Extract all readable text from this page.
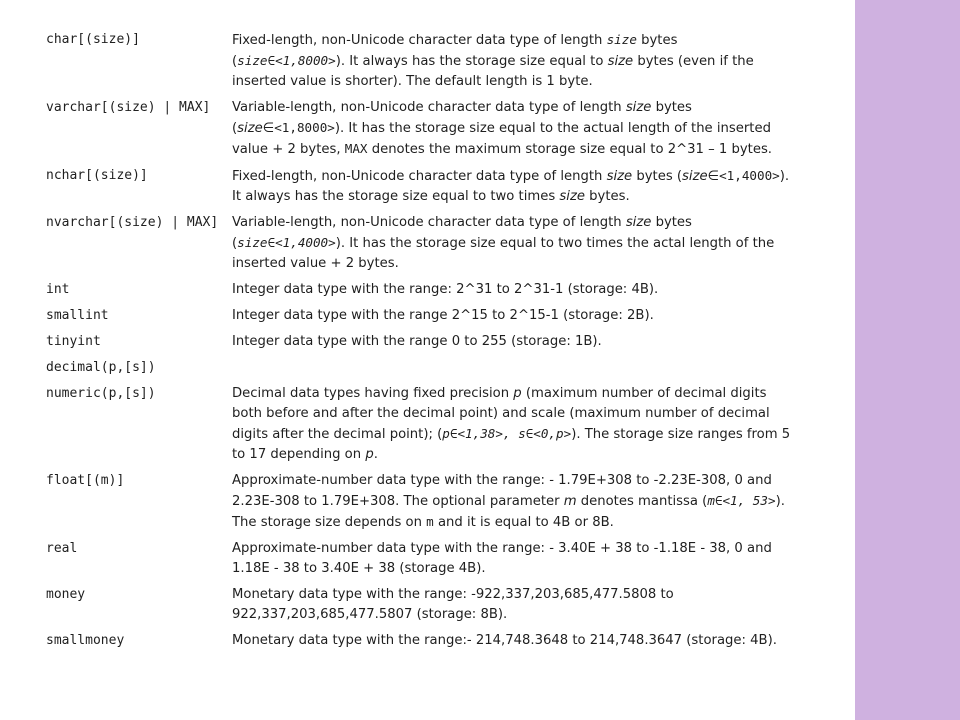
char[(size)]	Fixed-length, non-Unicode character data type of length size bytes (size∈<1,8000>). It always has the storage size equal to size bytes (even if the inserted value is shorter). The default length is 1 byte.
varchar[(size) | MAX]	Variable-length, non-Unicode character data type of length size bytes (size∈<1,8000>). It has the storage size equal to the actual length of the inserted value + 2 bytes, MAX denotes the maximum storage size equal to 2^31 – 1 bytes.
nchar[(size)]	Fixed-length, non-Unicode character data type of length size bytes (size∈<1,4000>). It always has the storage size equal to two times size bytes.
nvarchar[(size) | MAX]	Variable-length, non-Unicode character data type of length size bytes (size∈<1,4000>). It has the storage size equal to two times the actal length of the inserted value + 2 bytes.
int	Integer data type with the range: 2^31 to 2^31-1 (storage: 4B).
smallint	Integer data type with the range 2^15 to 2^15-1 (storage: 2B).
tinyint	Integer data type with the range 0 to 255 (storage: 1B).
decimal(p,[s])
numeric(p,[s])	Decimal data types having fixed precision p (maximum number of decimal digits both before and after the decimal point) and scale (maximum number of decimal digits after the decimal point); (p∈<1,38>, s∈<0,p>). The storage size ranges from 5 to 17 depending on p.
float[(m)]	Approximate-number data type with the range: - 1.79E+308 to -2.23E-308, 0 and 2.23E-308 to 1.79E+308. The optional parameter m denotes mantissa (m∈<1, 53>). The storage size depends on m and it is equal to 4B or 8B.
real	Approximate-number data type with the range: - 3.40E + 38 to -1.18E - 38, 0 and 1.18E - 38 to 3.40E + 38 (storage 4B).
money	Monetary data type with the range: -922,337,203,685,477.5808 to 922,337,203,685,477.5807 (storage: 8B).
smallmoney	Monetary data type with the range:- 214,748.3648 to 214,748.3647 (storage: 4B).
